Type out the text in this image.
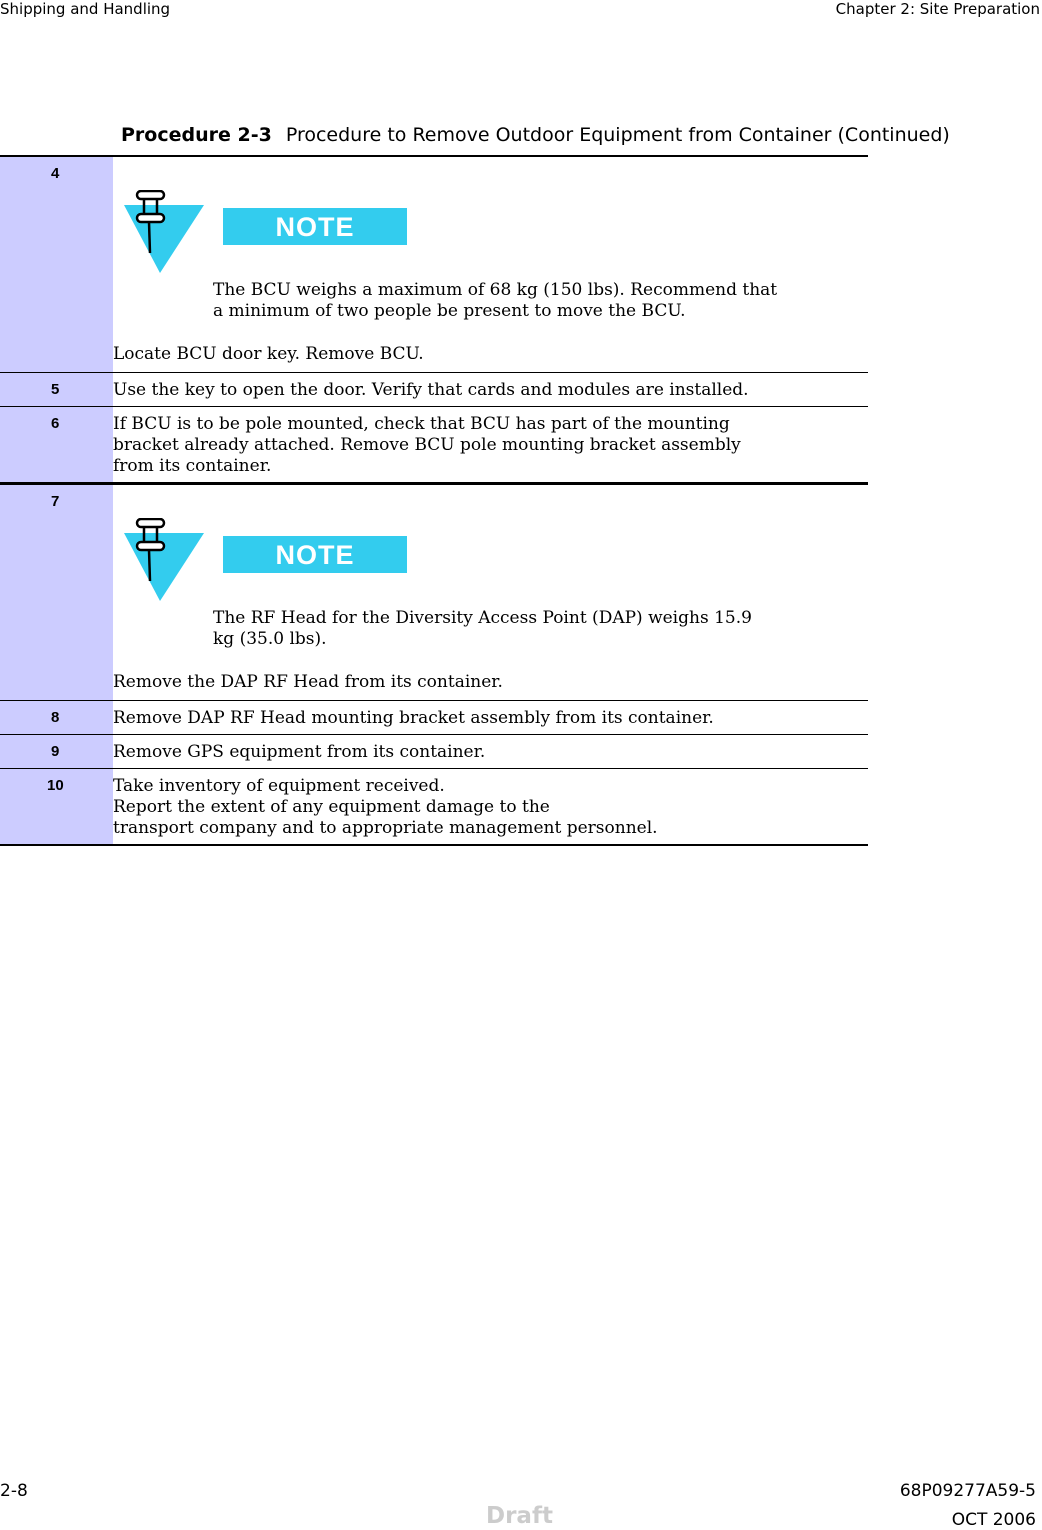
Shipping and Handling	Chapter 2: Site Preparation
Procedure 2-3 Procedure to Remove Outdoor Equipment from Container (Continued)
4	NOTE
The BCU weighs a maximum of 68 kg (150 lbs). Recommend that
a minimum of two people be present to move the BCU.
Locate BCU door key. Remove BCU.

5	Use the key to open the door. Verify that cards and modules are installed.

6	If BCU is to be pole mounted, check that BCU has part of the mounting
bracket already attached. Remove BCU pole mounting bracket assembly
from its container.

7	NOTE
The RF Head for the Diversity Access Point (DAP) weighs 15.9
kg (35.0 lbs).
Remove the DAP RF Head from its container.

8	Remove DAP RF Head mounting bracket assembly from its container.

9	Remove GPS equipment from its container.

10	Take inventory of equipment received.
Report the extent of any equipment damage to the
transport company and to appropriate management personnel.
2-8	68P09277A59-5
Draft	OCT 2006
